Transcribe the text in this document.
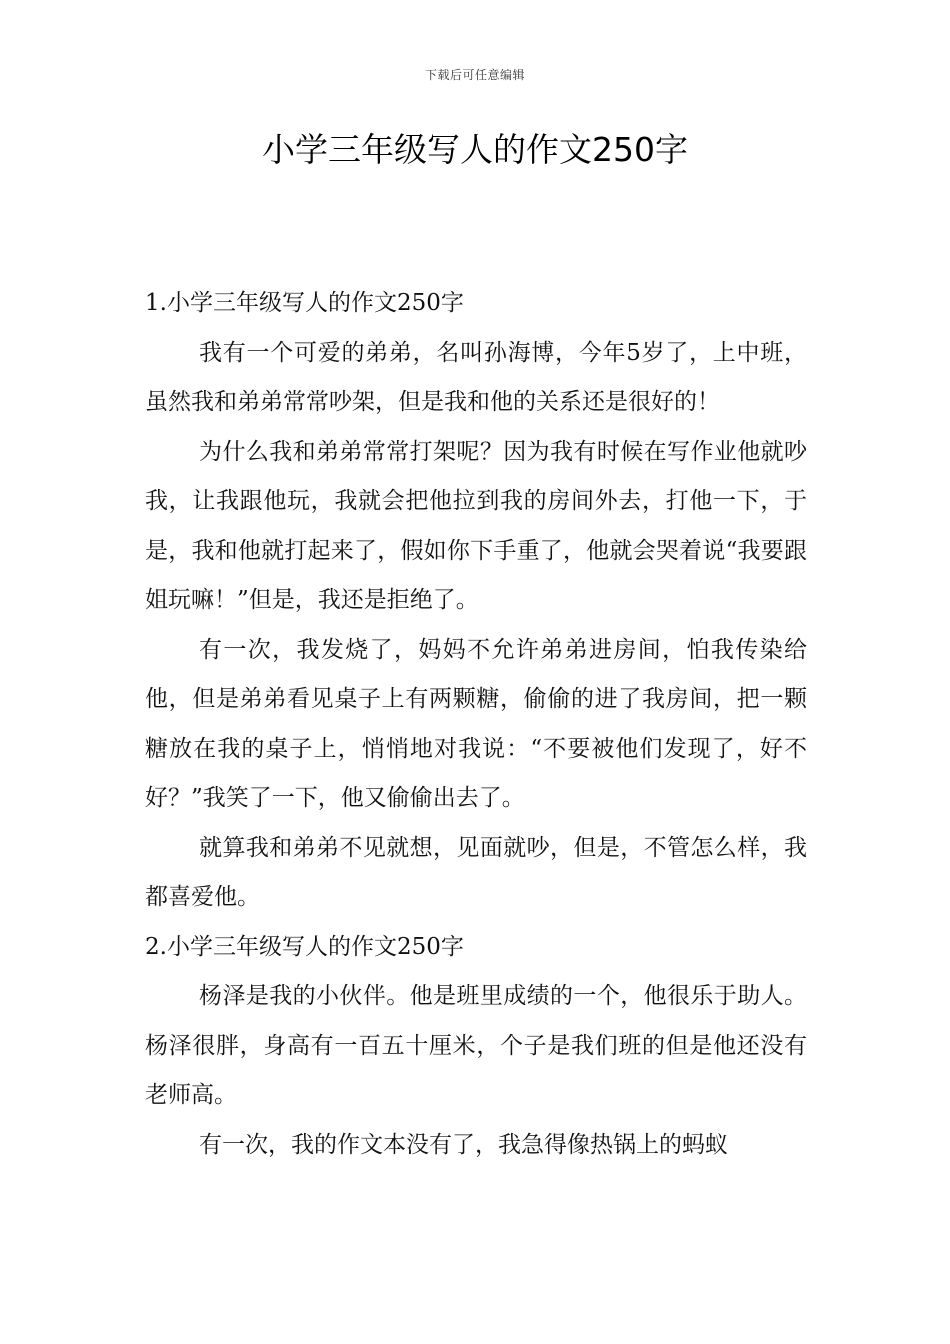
下载后可任意编辑
小学三年级写人的作文250字

1.小学三年级写人的作文250字

我有一个可爱的弟弟，名叫孙海博，今年5岁了，上中班，虽然我和弟弟常常吵架，但是我和他的关系还是很好的！

为什么我和弟弟常常打架呢？因为我有时候在写作业他就吵我，让我跟他玩，我就会把他拉到我的房间外去，打他一下，于是，我和他就打起来了，假如你下手重了，他就会哭着说“我要跟姐玩嘛！”但是，我还是拒绝了。

有一次，我发烧了，妈妈不允许弟弟进房间，怕我传染给他，但是弟弟看见桌子上有两颗糖，偷偷的进了我房间，把一颗糖放在我的桌子上，悄悄地对我说：“不要被他们发现了，好不好？”我笑了一下，他又偷偷出去了。

就算我和弟弟不见就想，见面就吵，但是，不管怎么样，我都喜爱他。

2.小学三年级写人的作文250字

杨泽是我的小伙伴。他是班里成绩的一个，他很乐于助人。杨泽很胖，身高有一百五十厘米，个子是我们班的但是他还没有老师高。

有一次，我的作文本没有了，我急得像热锅上的蚂蚁
